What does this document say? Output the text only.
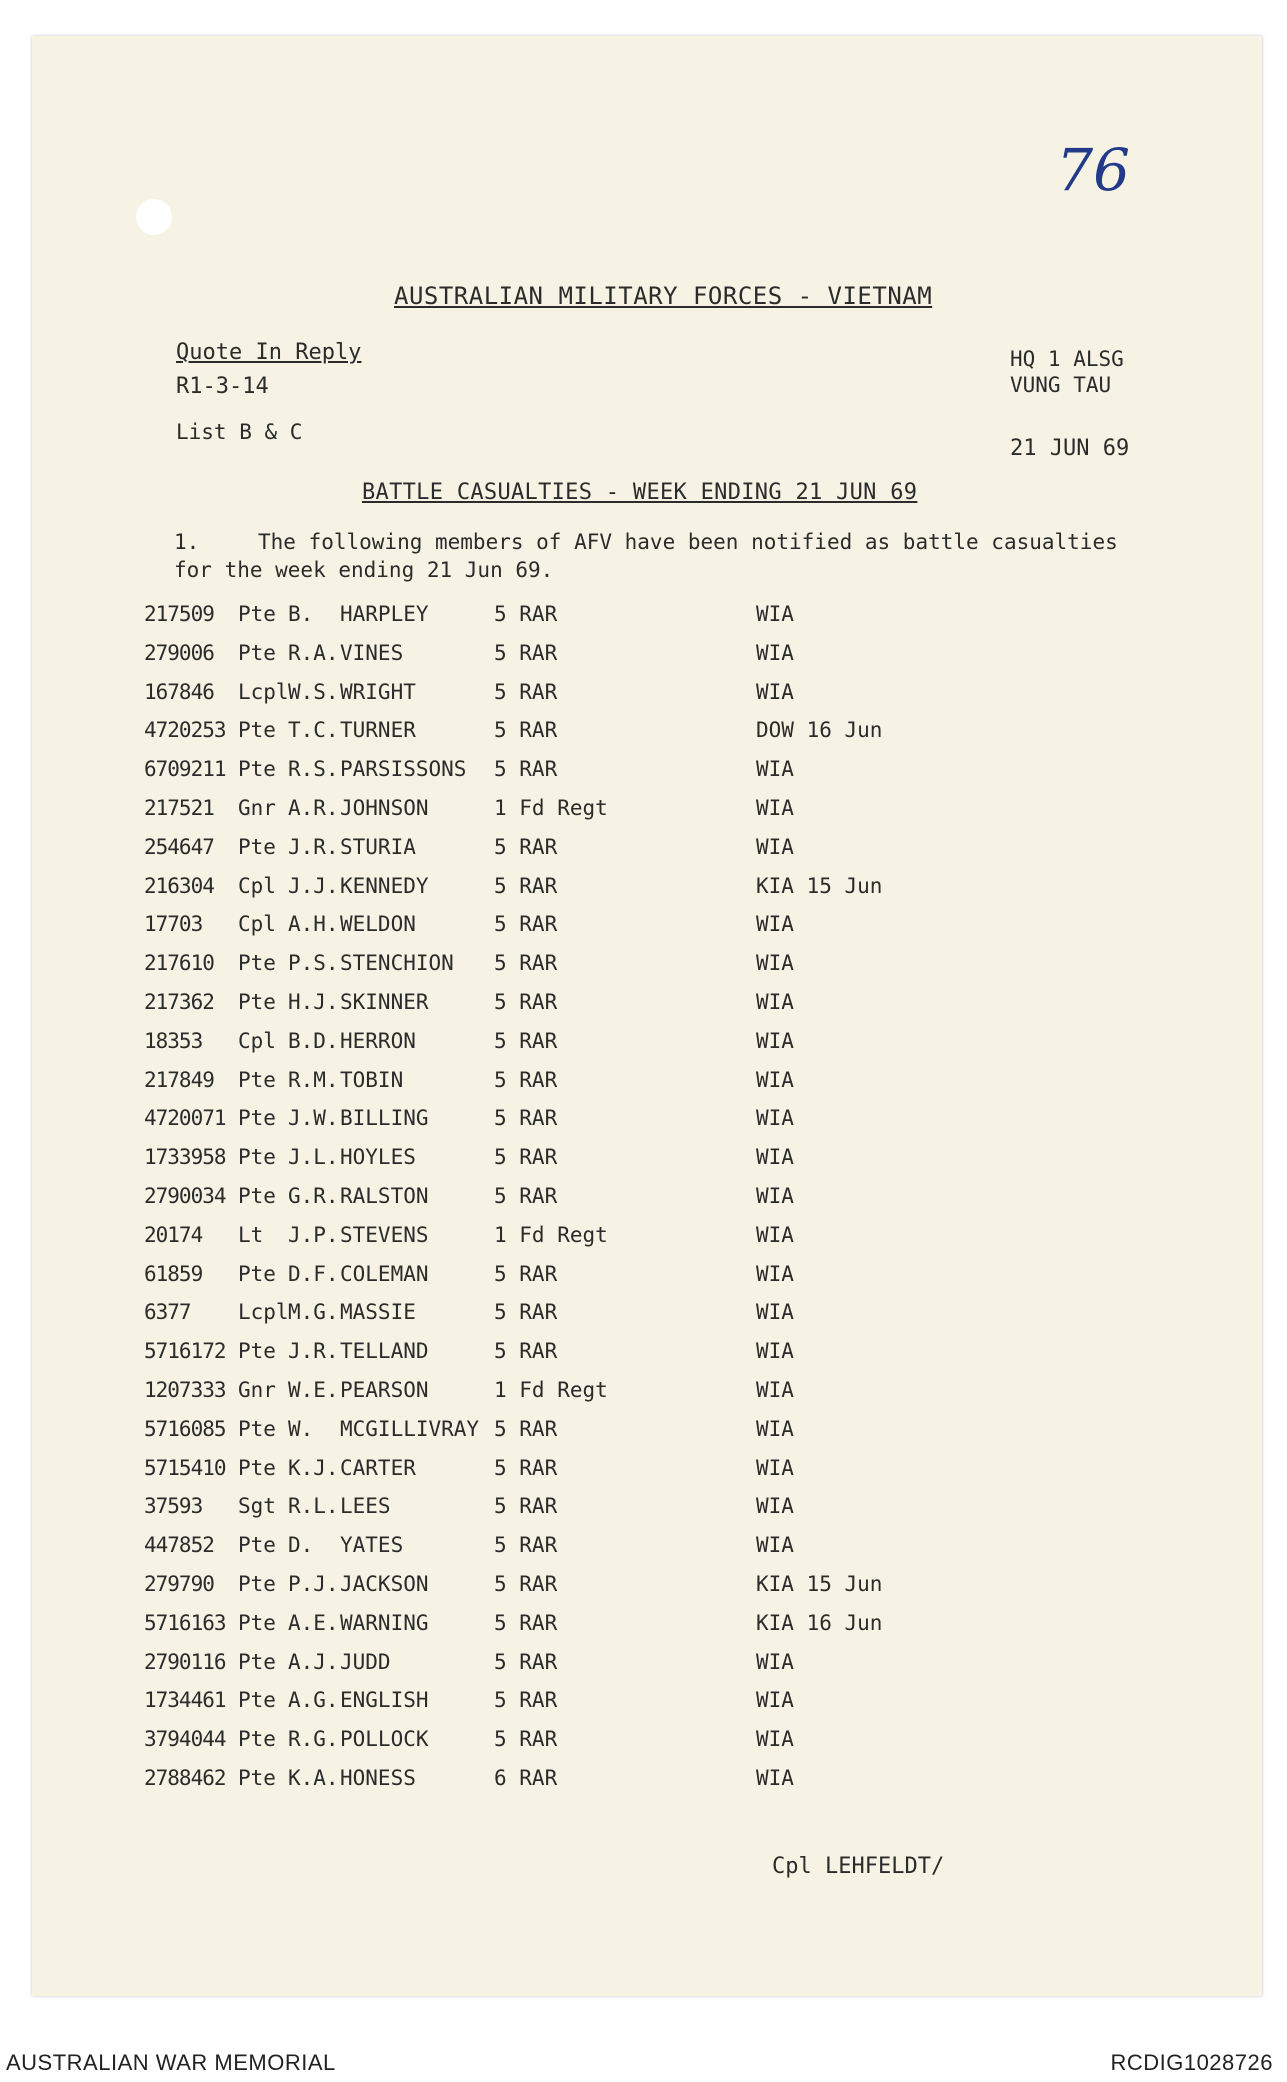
76
AUSTRALIAN MILITARY FORCES - VIETNAM
Quote In Reply
R1-3-14
List B & C
HQ 1 ALSG
VUNG TAU
21 JUN 69
BATTLE CASUALTIES - WEEK ENDING 21 JUN 69
1.	The following members of AFV have been notified as battle casualties for the week ending 21 Jun 69.
217509 Pte B. HARPLEY	5 RAR	WIA
279006 Pte R.A. VINES	5 RAR	WIA
167846 Lcpl W.S. WRIGHT	5 RAR	WIA
4720253 Pte T.C. TURNER	5 RAR	DOW 16 Jun
6709211 Pte R.S. PARSISSONS 5 RAR	WIA
217521 Gnr A.R. JOHNSON	1 Fd Regt	WIA
254647 Pte J.R. STURIA	5 RAR	WIA
216304 Cpl J.J. KENNEDY	5 RAR	KIA 15 Jun
17703 Cpl A.H. WELDON	5 RAR	WIA
217610 Pte P.S. STENCHION 5 RAR	WIA
217362 Pte H.J. SKINNER	5 RAR	WIA
18353 Cpl B.D. HERRON	5 RAR	WIA
217849 Pte R.M. TOBIN	5 RAR	WIA
4720071 Pte J.W. BILLING	5 RAR	WIA
1733958 Pte J.L. HOYLES	5 RAR	WIA
2790034 Pte G.R. RALSTON	5 RAR	WIA
20174 Lt J.P. STEVENS	1 Fd Regt	WIA
61859 Pte D.F. COLEMAN	5 RAR	WIA
6377 Lcpl M.G. MASSIE	5 RAR	WIA
5716172 Pte J.R. TELLAND	5 RAR	WIA
1207333 Gnr W.E. PEARSON	1 Fd Regt	WIA
5716085 Pte W. MCGILLIVRAY 5 RAR	WIA
5715410 Pte K.J. CARTER	5 RAR	WIA
37593 Sgt R.L. LEES	5 RAR	WIA
447852 Pte D. YATES	5 RAR	WIA
279790 Pte P.J. JACKSON	5 RAR	KIA 15 Jun
5716163 Pte A.E. WARNING	5 RAR	KIA 16 Jun
2790116 Pte A.J. JUDD	5 RAR	WIA
1734461 Pte A.G. ENGLISH	5 RAR	WIA
3794044 Pte R.G. POLLOCK	5 RAR	WIA
2788462 Pte K.A. HONESS	6 RAR	WIA
Cpl LEHFELDT/
AUSTRALIAN WAR MEMORIAL	RCDIG1028726
